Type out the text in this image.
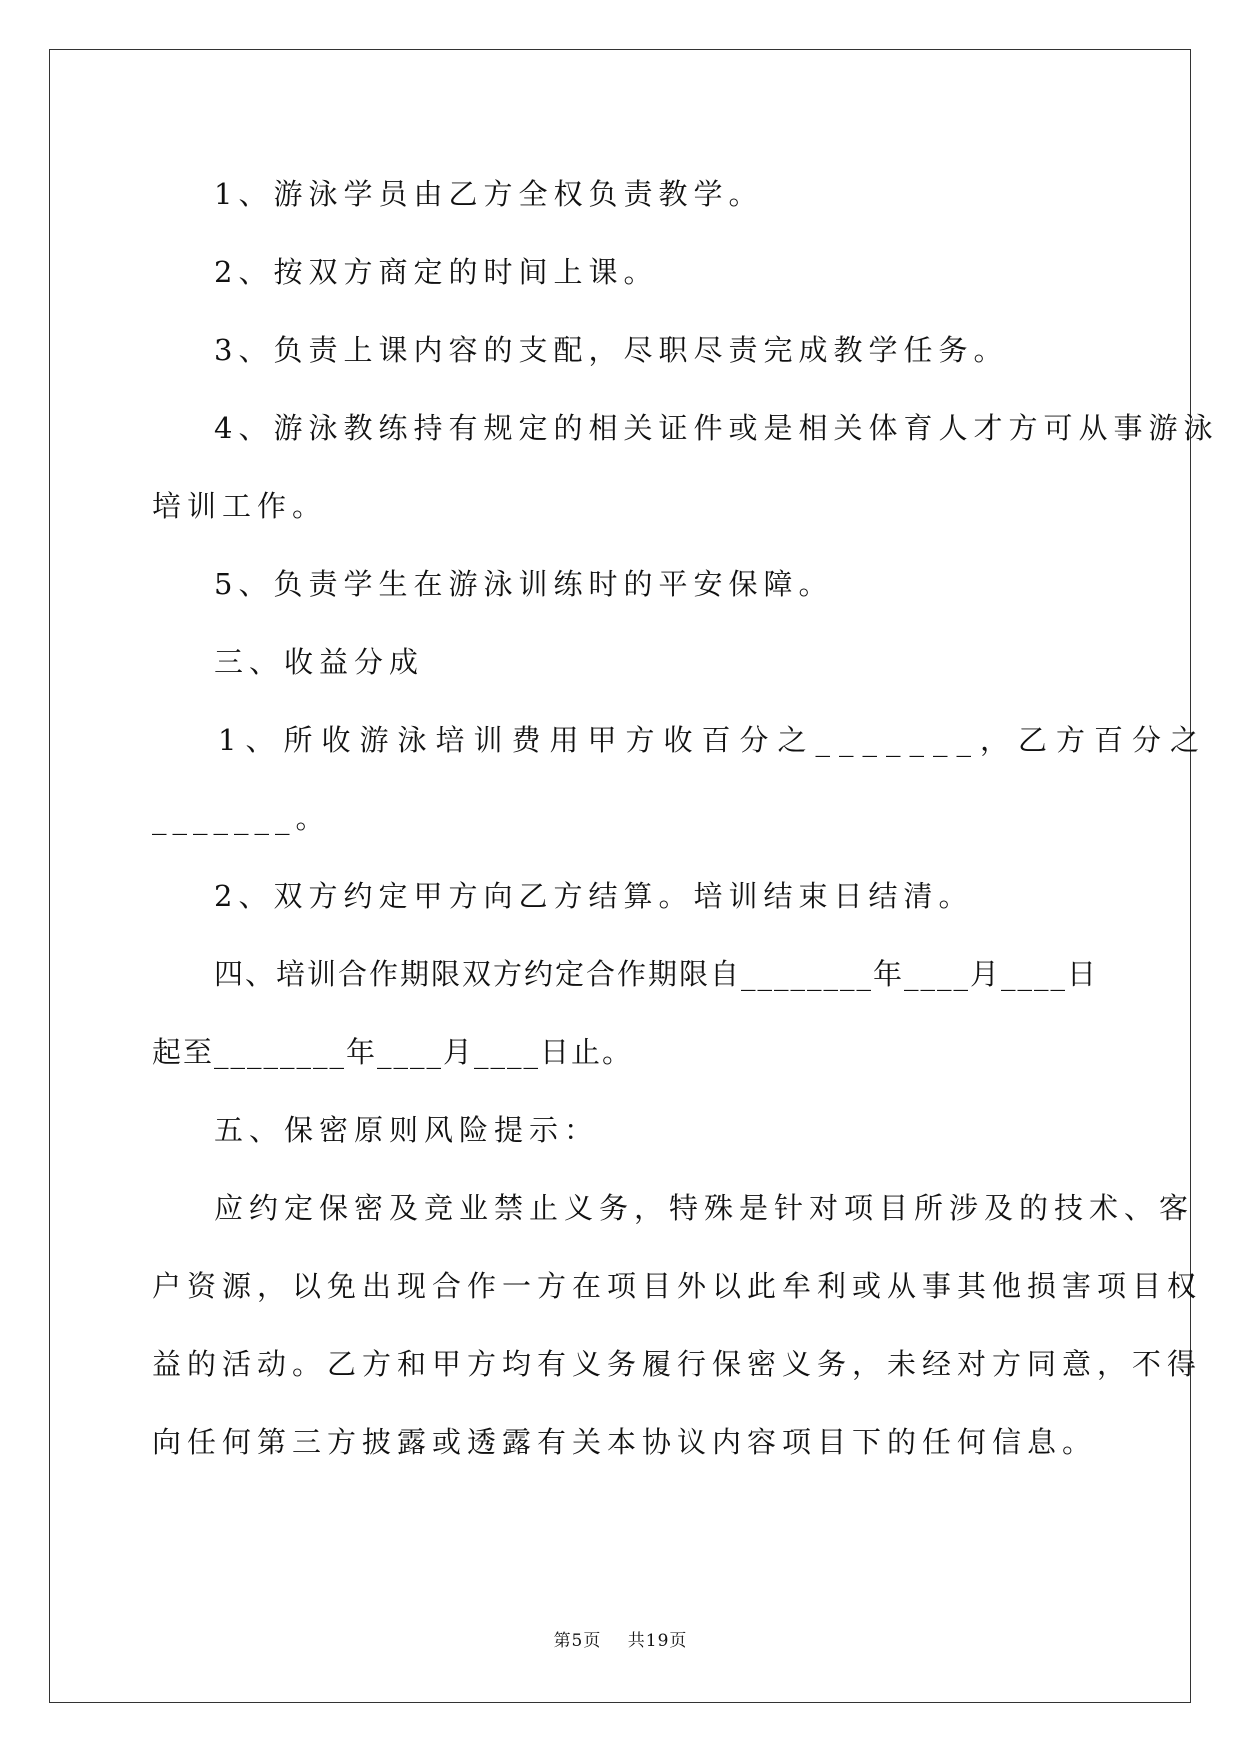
1、游泳学员由乙方全权负责教学。

2、按双方商定的时间上课。

3、负责上课内容的支配，尽职尽责完成教学任务。

4、游泳教练持有规定的相关证件或是相关体育人才方可从事游泳

培训工作。

5、负责学生在游泳训练时的平安保障。

三、收益分成

1、所收游泳培训费用甲方收百分之_______，乙方百分之

_______。

2、双方约定甲方向乙方结算。培训结束日结清。

四、培训合作期限双方约定合作期限自________年____月____日

起至________年____月____日止。

五、保密原则风险提示：

应约定保密及竞业禁止义务，特殊是针对项目所涉及的技术、客

户资源，以免出现合作一方在项目外以此牟利或从事其他损害项目权

益的活动。乙方和甲方均有义务履行保密义务，未经对方同意，不得

向任何第三方披露或透露有关本协议内容项目下的任何信息。

第5页 共19页
